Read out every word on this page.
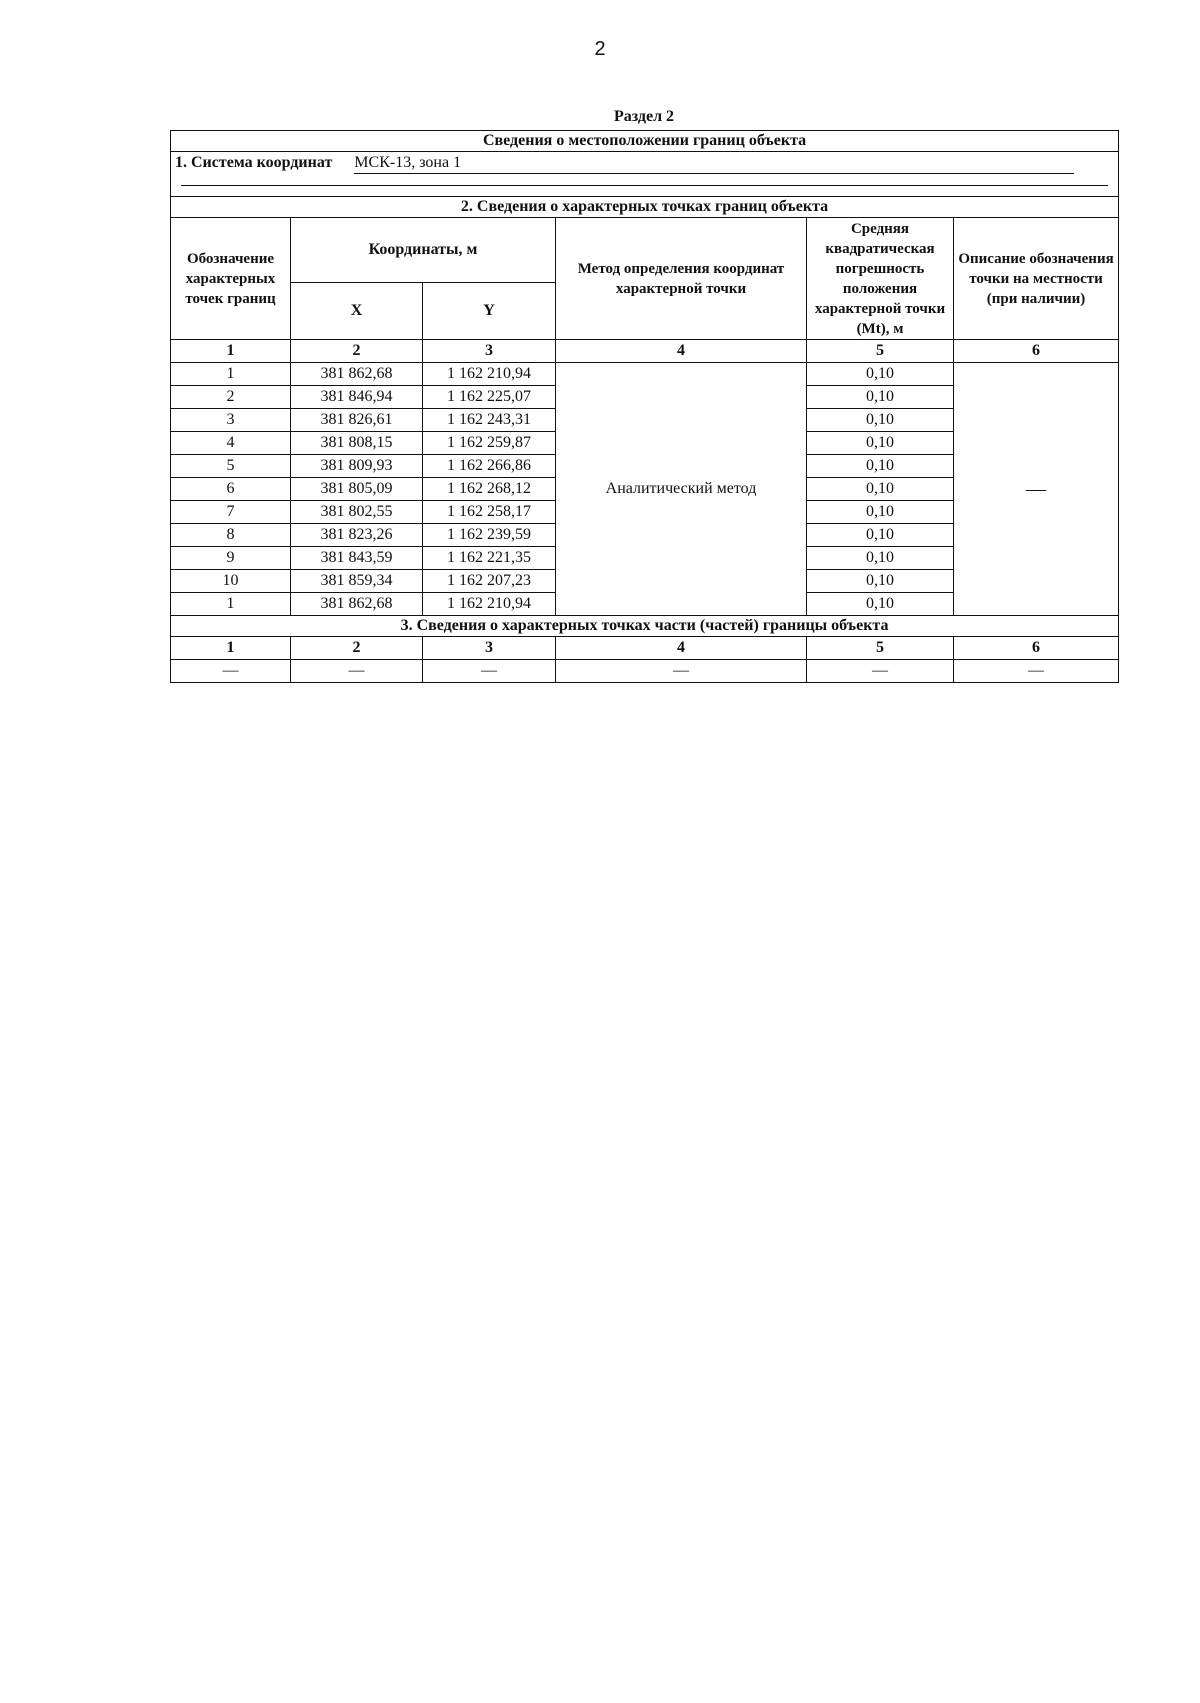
2
Раздел 2
Сведения о местоположении границ объекта					
1. Система координат МСК-13, зона 1					

2. Сведения о характерных точках границ объекта					
Обозначение характерных точек границ	Координаты, м		Метод определения координат характерной точки	Средняя квадратическая погрешность положения характерной точки (Mt), м	Описание обозначения точки на местности (при наличии)
	X	Y			
1	2	3	4	5	6
1	381 862,68	1 162 210,94	Аналитический метод	0,10	—
2	381 846,94	1 162 225,07		0,10	
3	381 826,61	1 162 243,31		0,10	
4	381 808,15	1 162 259,87		0,10	
5	381 809,93	1 162 266,86		0,10	
6	381 805,09	1 162 268,12		0,10	
7	381 802,55	1 162 258,17		0,10	
8	381 823,26	1 162 239,59		0,10	
9	381 843,59	1 162 221,35		0,10	
10	381 859,34	1 162 207,23		0,10	
1	381 862,68	1 162 210,94		0,10	
3. Сведения о характерных точках части (частей) границы объекта					
1	2	3	4	5	6
—	—	—	—	—	—
